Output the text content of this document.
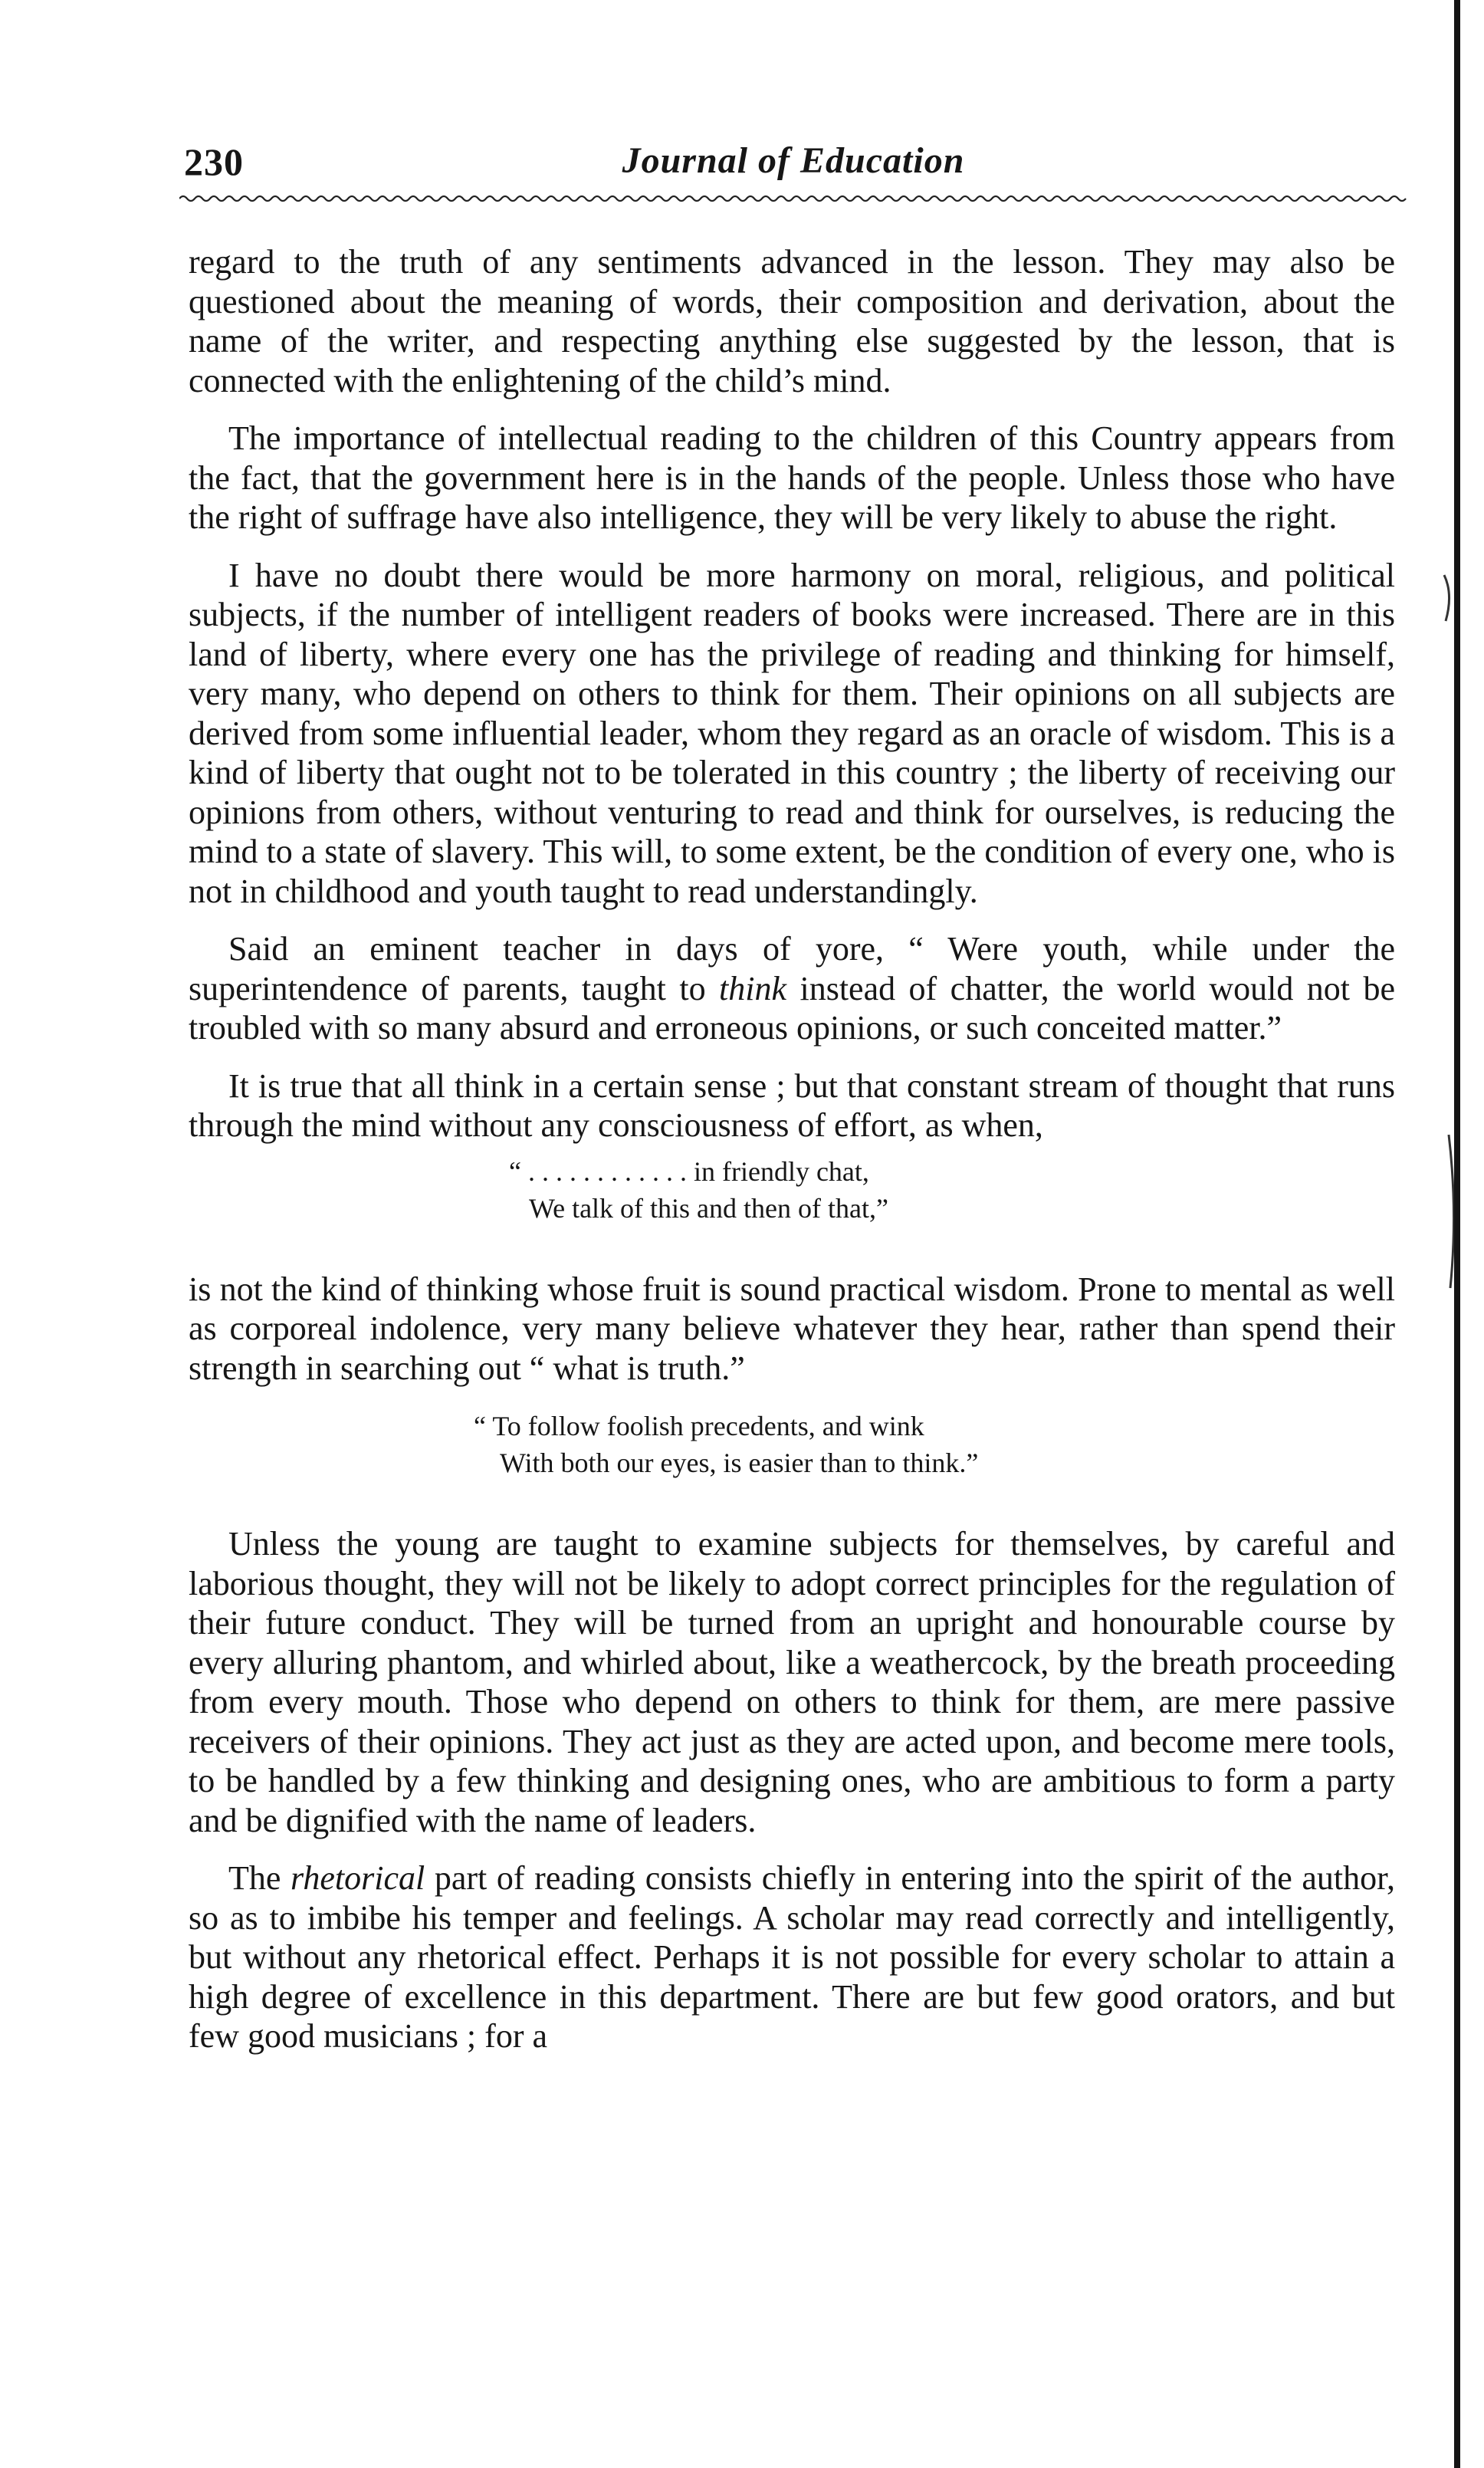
230	Journal of Education

regard to the truth of any sentiments advanced in the lesson. They may also be questioned about the meaning of words, their composition and derivation, about the name of the writer, and respecting anything else suggested by the lesson, that is connected with the enlightening of the child’s mind.

The importance of intellectual reading to the children of this Country appears from the fact, that the government here is in the hands of the people. Unless those who have the right of suffrage have also intelligence, they will be very likely to abuse the right.

I have no doubt there would be more harmony on moral, religious, and political subjects, if the number of intelligent readers of books were increased. There are in this land of liberty, where every one has the privilege of reading and thinking for himself, very many, who depend on others to think for them. Their opinions on all subjects are derived from some influential leader, whom they regard as an oracle of wisdom. This is a kind of liberty that ought not to be tolerated in this country ; the liberty of receiving our opinions from others, without venturing to read and think for ourselves, is reducing the mind to a state of slavery. This will, to some extent, be the condition of every one, who is not in childhood and youth taught to read understandingly.

Said an eminent teacher in days of yore, “ Were youth, while under the superintendence of parents, taught to think instead of chatter, the world would not be troubled with so many absurd and erroneous opinions, or such conceited matter.”

It is true that all think in a certain sense ; but that constant stream of thought that runs through the mind without any consciousness of effort, as when,

“ . . . . . . . . . . . . in friendly chat,
We talk of this and then of that,”

is not the kind of thinking whose fruit is sound practical wisdom. Prone to mental as well as corporeal indolence, very many believe whatever they hear, rather than spend their strength in searching out “ what is truth.”

“ To follow foolish precedents, and wink
With both our eyes, is easier than to think.”

Unless the young are taught to examine subjects for themselves, by careful and laborious thought, they will not be likely to adopt correct principles for the regulation of their future conduct. They will be turned from an upright and honourable course by every alluring phantom, and whirled about, like a weathercock, by the breath proceeding from every mouth. Those who depend on others to think for them, are mere passive receivers of their opinions. They act just as they are acted upon, and become mere tools, to be handled by a few thinking and designing ones, who are ambitious to form a party and be dignified with the name of leaders.

The rhetorical part of reading consists chiefly in entering into the spirit of the author, so as to imbibe his temper and feelings. A scholar may read correctly and intelligently, but without any rhetorical effect. Perhaps it is not possible for every scholar to attain a high degree of excellence in this department. There are but few good orators, and but few good musicians ; for a
